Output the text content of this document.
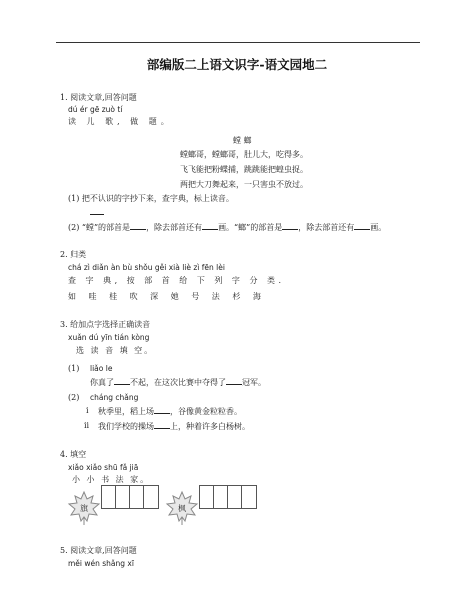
部编版二上语文识字-语文园地二
1. 阅读文章,回答问题
dú ér gē zuò tí
读 儿 歌, 做 题。
螳 螂
螳螂哥，螳螂哥，肚儿大，吃得多。
飞飞能把粉蝶捕，跳跳能把蝗虫捉。
两把大刀舞起来，一只害虫不放过。
(1) 把不认识的字抄下来，查字典，标上读音。
(2) “螳”的部首是 ，除去部首还有 画。“螂”的部首是 ，除去部首还有 画。
2. 归类
chá zì diǎn àn bù shǒu gěi xià liè zì fēn lèi
查 字 典, 按 部 首 给 下 列 字 分 类.
如 哇 桂 吹 深 她 号 法 杉 海
3. 给加点字选择正确读音
xuǎn dú yīn tián kòng
选 读 音 填 空。
(1) liǎo le
你真了 不起，在这次比赛中夺得了 冠军。
(2) cháng chǎng
i 秋季里，稻上场 ，谷像黄金粒粒香。
ii 我们学校的操场 上，种着许多白杨树。
4. 填空
xiǎo xiǎo shū fǎ jiā
小 小 书 法 家。
旗	枫
5. 阅读文章,回答问题
měi wén shǎng xī
